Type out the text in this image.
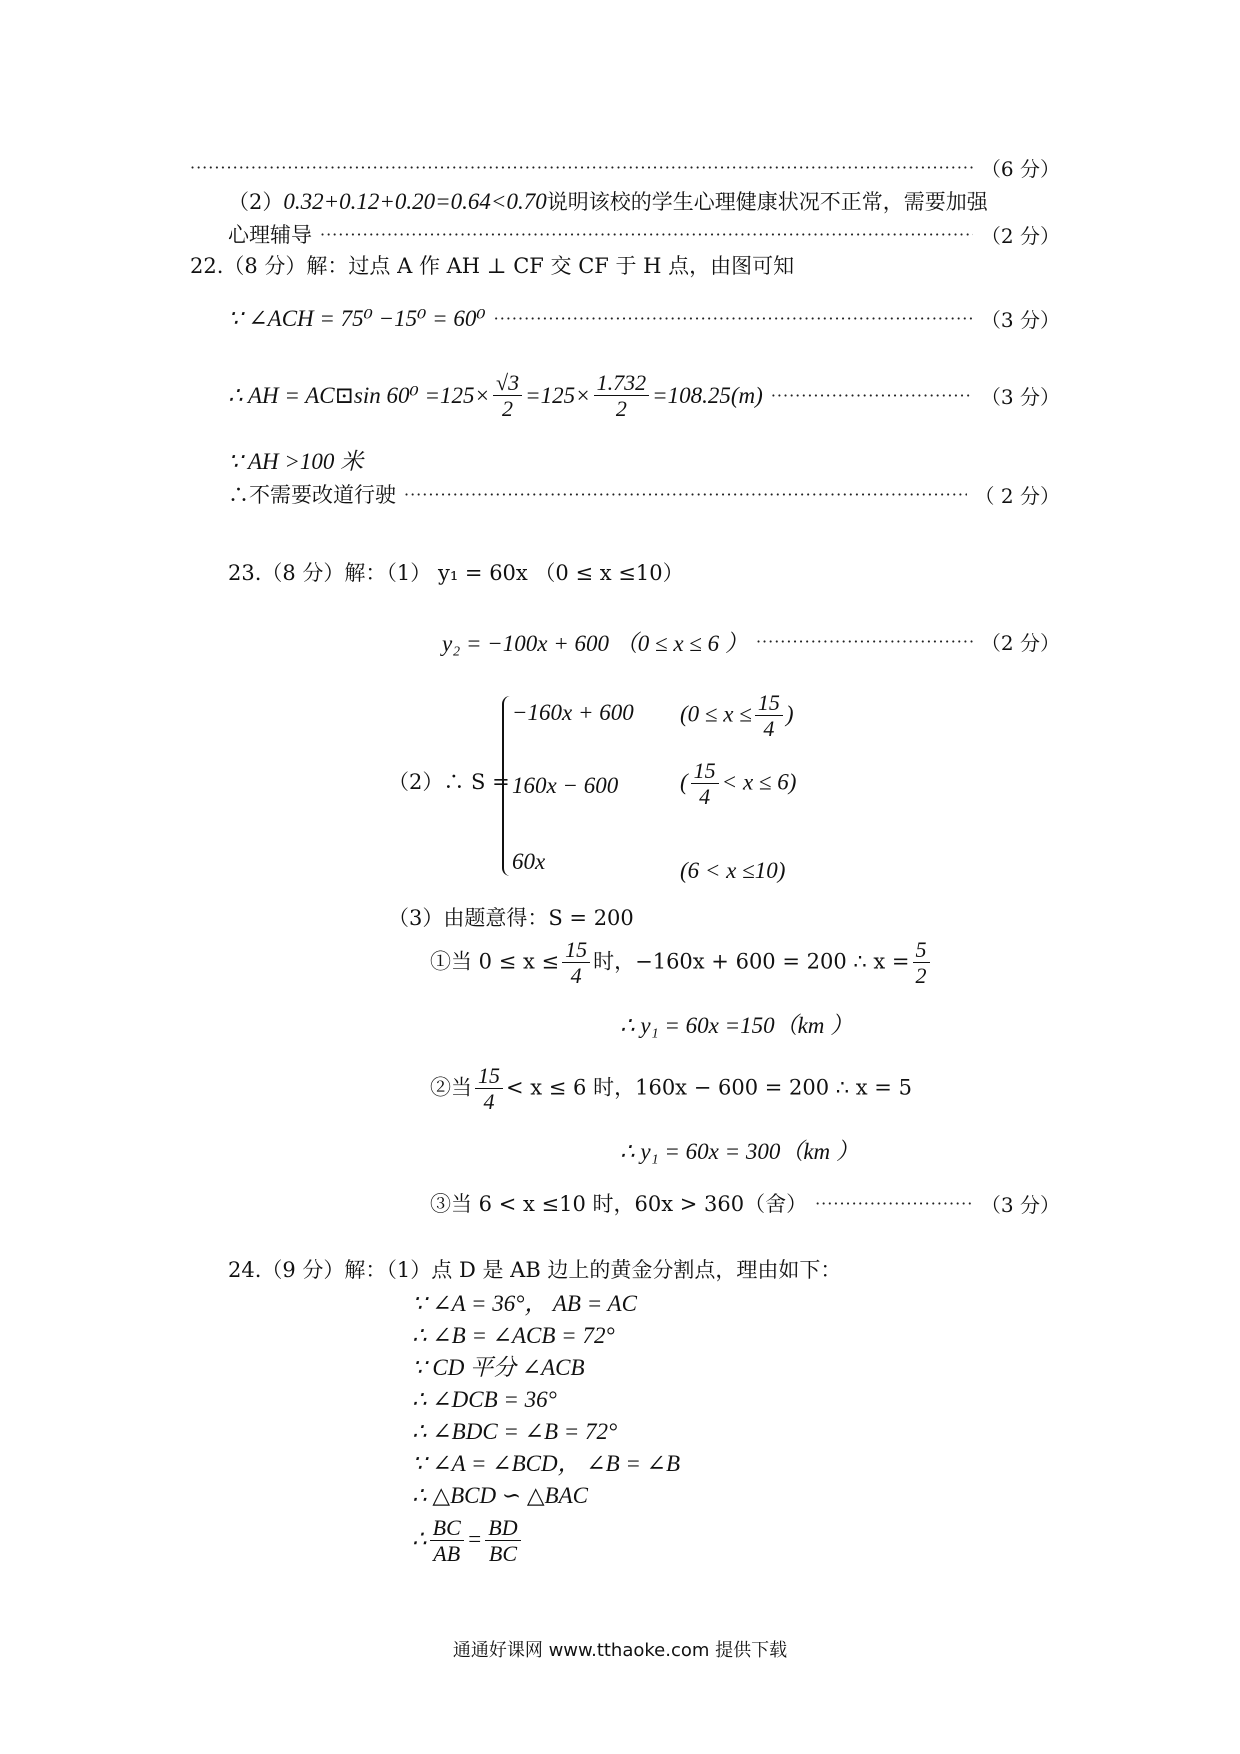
·····
（6 分）
（2）0.32+0.12+0.20=0.64<0.70说明该校的学生心理健康状况不正常，需要加强
心理辅导 ·····	（2 分）
22.（8 分）解：过点 A 作 AH ⊥ CF 交 CF 于 H 点，由图可知
∵ ∠ACH = 75⁰ −15⁰ = 60⁰ ·····	（3 分）
∴ AH = AC⊡sin $60^0 =125\times \frac{√3}{2} =125\times \frac{1.732}{2} =108.25(m)$ ·····	（3 分）
∵ AH >100 米
∴不需要改道行驶 ·····	（ 2 分）
23.（8 分）解：（1） y₁ = 60x （0 ≤ x ≤10）
y₂ = −100x + 600 （0 ≤ x ≤ 6 ） ·····	（2 分）
（2）∴ S =
−160x + 600 ($0 \le x \le \frac{15}{4}$ )
160x − 600	( $\frac{15}{4} < x \le 6$)
60x	(6 < x ≤10)
（3）由题意得：S = 200
①当 $0 \le x \le \frac{15}{4}$ 时，−160x + 600 = 200 ∴ $x = \frac{5}{2}$
∴ y₁ = 60x =150（km ）
②当 $\frac{15}{4} < x \le 6$ 时，160x − 600 = 200 ∴ x = 5
∴ y₁ = 60x = 300（km ）
③当 6 < x ≤10 时，60x > 360（舍） ·····	（3 分）
24.（9 分）解：（1）点 D 是 AB 边上的黄金分割点，理由如下：
∵ ∠A = 36°， AB = AC
∴ ∠B = ∠ACB = 72°
∵ CD 平分 ∠ACB
∴ ∠DCB = 36°
∴ ∠BDC = ∠B = 72°
∵ ∠A = ∠BCD， ∠B = ∠B
∴ △BCD ∽ △BAC
∴ $\frac{BC}{AB} = \frac{BD}{BC}$
通通好课网 www.tthaoke.com 提供下载
